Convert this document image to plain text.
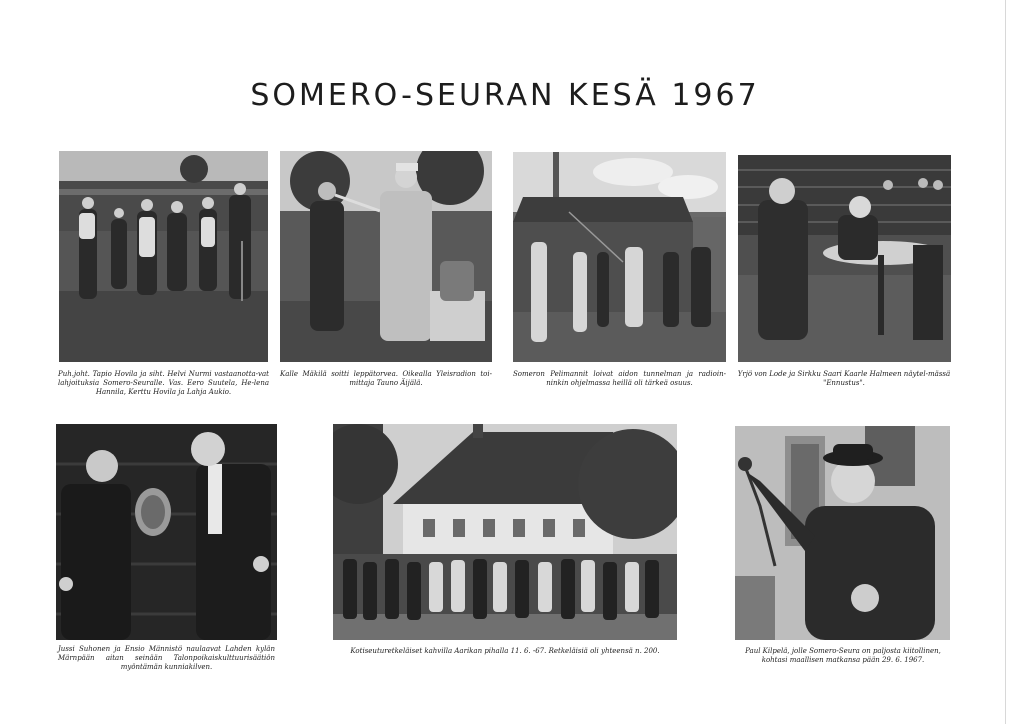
SOMERO-SEURAN KESÄ 1967

Puh.joht. Tapio Hovila ja siht. Helvi Nurmi vastaanotta-vat lahjoituksia Somero-Seuralle. Vas. Eero Suutela, He-lena Hannila, Kerttu Hovila ja Lahja Aukio.

Kalle Mäkilä soitti leppätorvea. Oikealla Yleisradion toi-mittaja Tauno Äijälä.

Someron Pelimannit loivat aidon tunnelman ja radioin-ninkin ohjelmassa heillä oli tärkeä osuus.

Yrjö von Lode ja Sirkku Saari Kaarle Halmeen näytel-mässä "Ennustus".

Jussi Suhonen ja Ensio Männistö naulaavat Lahden kylän Märnpään aitan seinään Talonpoikaiskulttuurisäätiön myöntämän kunniakilven.

Kotiseuturetkeläiset kahvilla Aarikan pihalla 11. 6. -67. Retkeläisiä oli yhteensä n. 200.	Paul Kilpelä, jolle Somero-Seura on paljosta kiitollinen, kohtasi maallisen matkansa pään 29. 6. 1967.
